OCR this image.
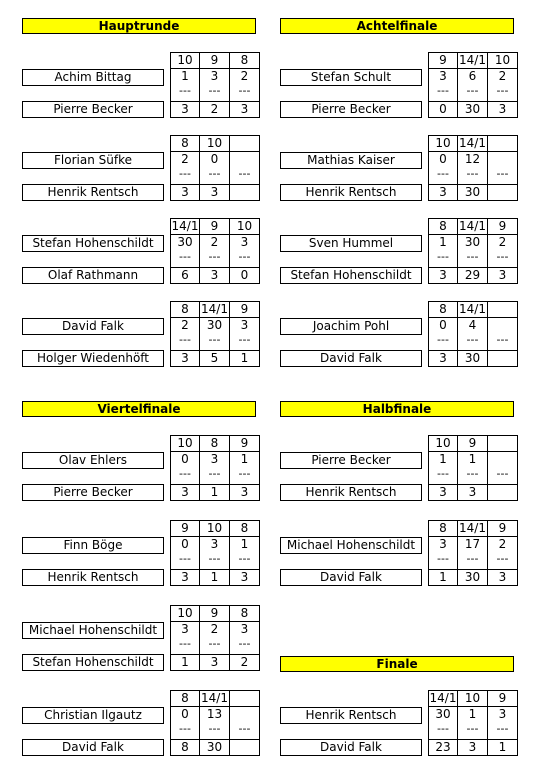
Hauptrunde	Achtelfinale
Viertelfinale	Halbfinale
Finale
Achim Bittag
Pierre Becker
10
1
---
3
9
3
---
2
8
2
---
3
Florian Süfke
Henrik Rentsch
8
2
---
3
10
0
---
3
---
Stefan Hohenschildt
Olaf Rathmann
14/1
30
---
6
9
2
---
3
10
3
---
0
David Falk
Holger Wiedenhöft
8
2
---
3
14/1
30
---
5
9
3
---
1
Stefan Schult
Pierre Becker
9
3
---
0
14/1
6
---
30
10
2
---
3
Mathias Kaiser
Henrik Rentsch
10
0
---
3
14/1
12
---
30
---
Sven Hummel
Stefan Hohenschildt
8
1
---
3
14/1
30
---
29
9
2
---
3
Joachim Pohl
David Falk
8
0
---
3
14/1
4
---
30
---
Olav Ehlers
Pierre Becker
10
0
---
3
8
3
---
1
9
1
---
3
Finn Böge
Henrik Rentsch
9
0
---
3
10
3
---
1
8
1
---
3
Michael Hohenschildt
Stefan Hohenschildt
10
3
---
1
9
2
---
3
8
3
---
2
Christian Ilgautz
David Falk
8
0
---
8
14/1
13
---
30
---
Pierre Becker
Henrik Rentsch
10
1
---
3
9
1
---
3
---
Michael Hohenschildt
David Falk
8
3
---
1
14/1
17
---
30
9
2
---
3
Henrik Rentsch
David Falk
14/1
30
---
23
10
1
---
3
9
3
---
1
